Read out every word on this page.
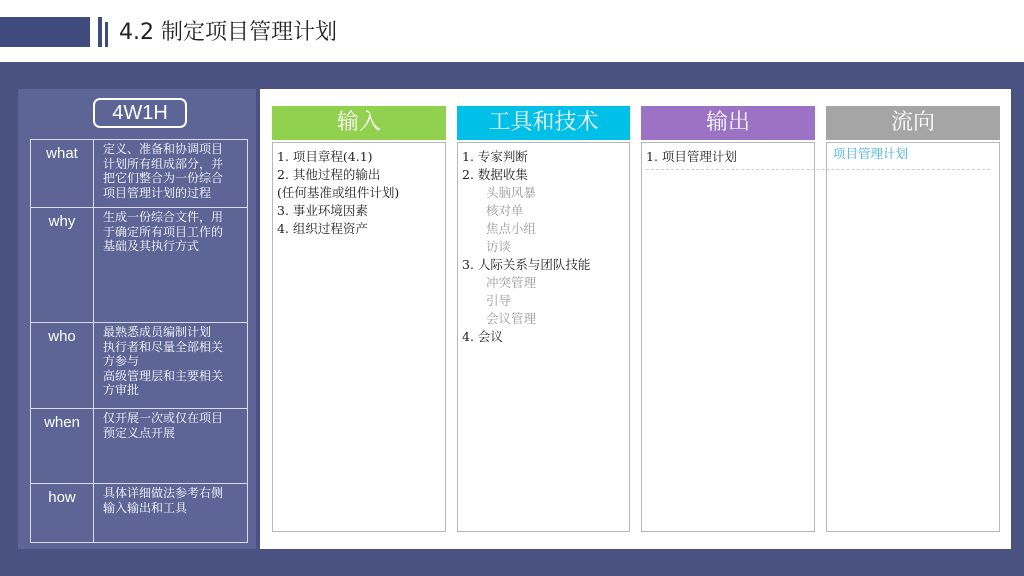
4.2 制定项目管理计划
4W1H
what	定义、准备和协调项目
计划所有组成部分，并
把它们整合为一份综合
项目管理计划的过程
why	生成一份综合文件，用
于确定所有项目工作的
基础及其执行方式
who	最熟悉成员编制计划
执行者和尽量全部相关
方参与
高级管理层和主要相关
方审批
when	仅开展一次或仅在项目
预定义点开展
how	具体详细做法参考右侧
输入输出和工具
输入
1. 项目章程(4.1)
2. 其他过程的输出
(任何基准或组件计划)
3. 事业环境因素
4. 组织过程资产
工具和技术
1. 专家判断
2. 数据收集
头脑风暴
核对单
焦点小组
访谈
3. 人际关系与团队技能
冲突管理
引导
会议管理
4. 会议
输出
1. 项目管理计划
流向
项目管理计划
